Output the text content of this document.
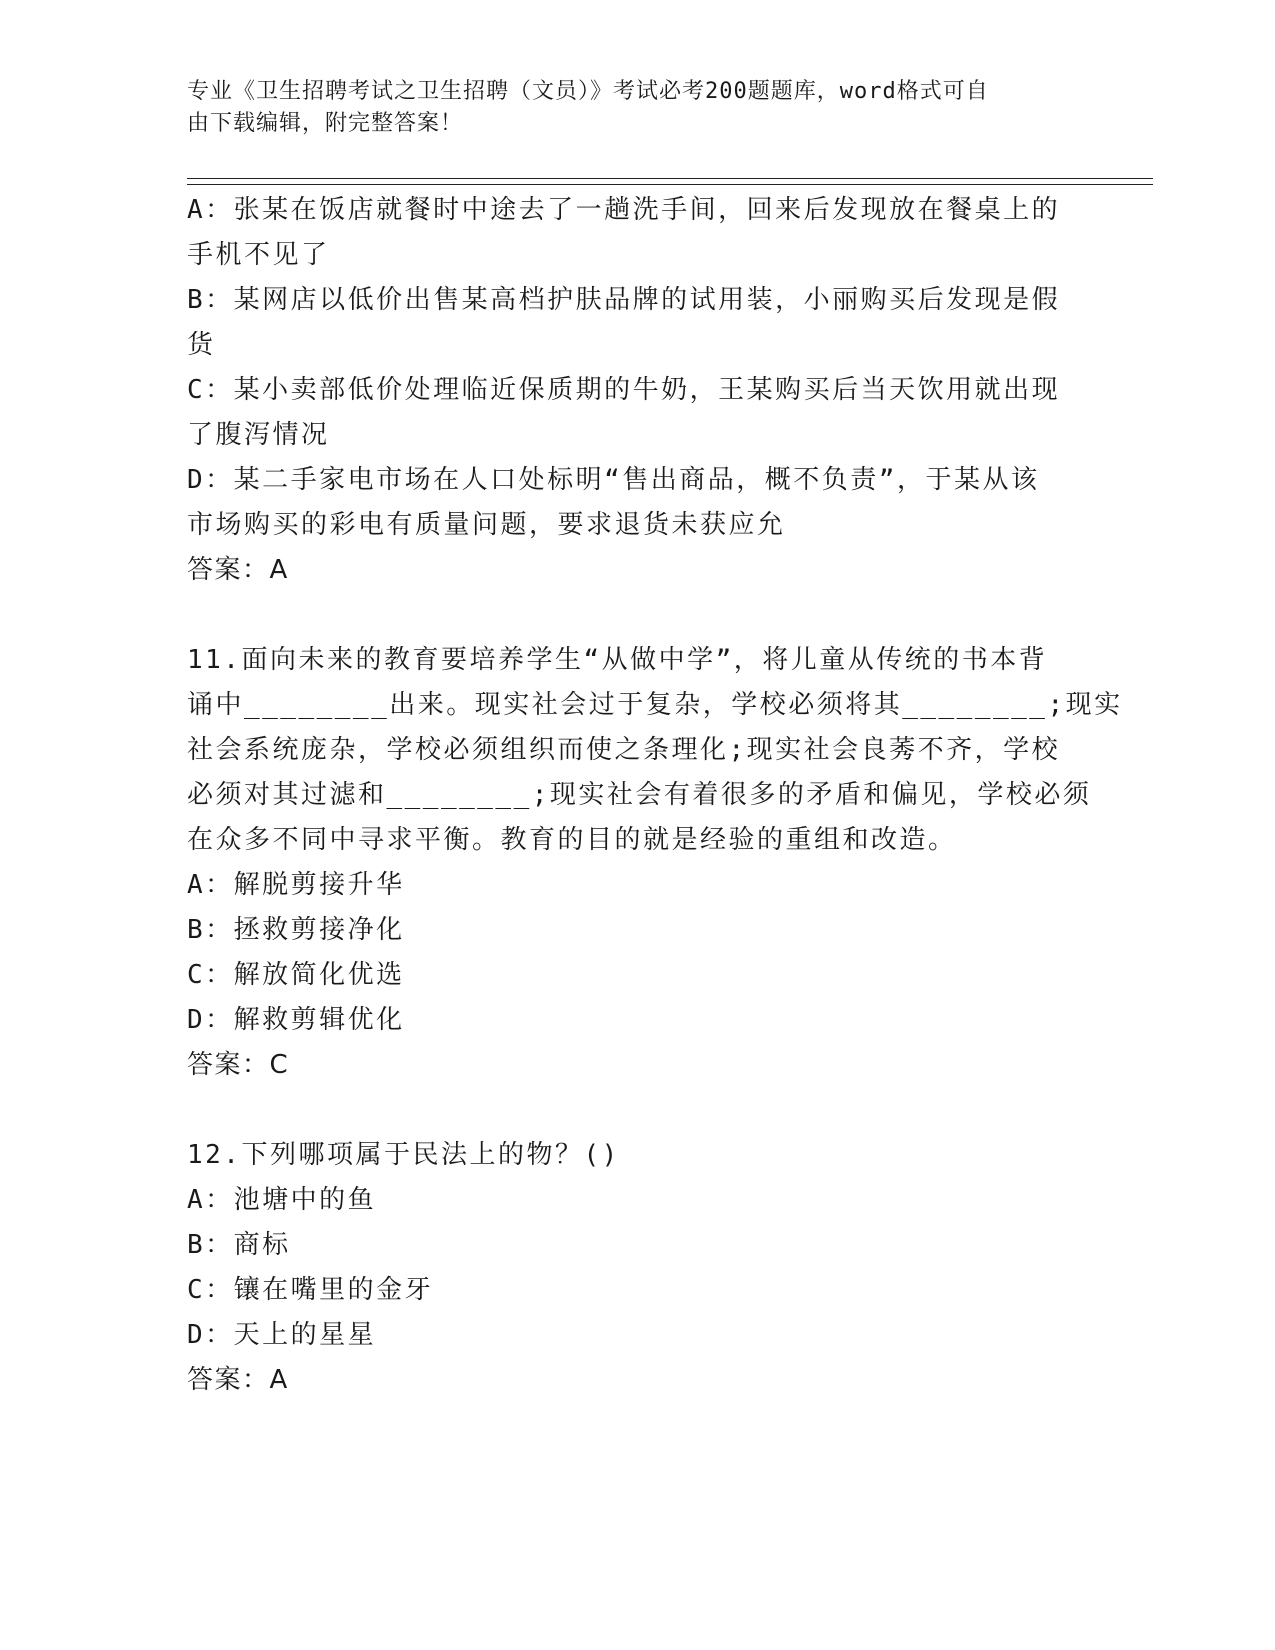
专业《卫生招聘考试之卫生招聘（文员）》考试必考200题题库，word格式可自
由下载编辑，附完整答案！
A：张某在饭店就餐时中途去了一趟洗手间，回来后发现放在餐桌上的
手机不见了
B：某网店以低价出售某高档护肤品牌的试用装，小丽购买后发现是假
货
C：某小卖部低价处理临近保质期的牛奶，王某购买后当天饮用就出现
了腹泻情况
D：某二手家电市场在人口处标明“售出商品，概不负责”，于某从该
市场购买的彩电有质量问题，要求退货未获应允
答案：A
11.面向未来的教育要培养学生“从做中学”，将儿童从传统的书本背
诵中________出来。现实社会过于复杂，学校必须将其________;现实
社会系统庞杂，学校必须组织而使之条理化;现实社会良莠不齐，学校
必须对其过滤和________;现实社会有着很多的矛盾和偏见，学校必须
在众多不同中寻求平衡。教育的目的就是经验的重组和改造。
A：解脱剪接升华
B：拯救剪接净化
C：解放简化优选
D：解救剪辑优化
答案：C
12.下列哪项属于民法上的物？()
A：池塘中的鱼
B：商标
C：镶在嘴里的金牙
D：天上的星星
答案：A
